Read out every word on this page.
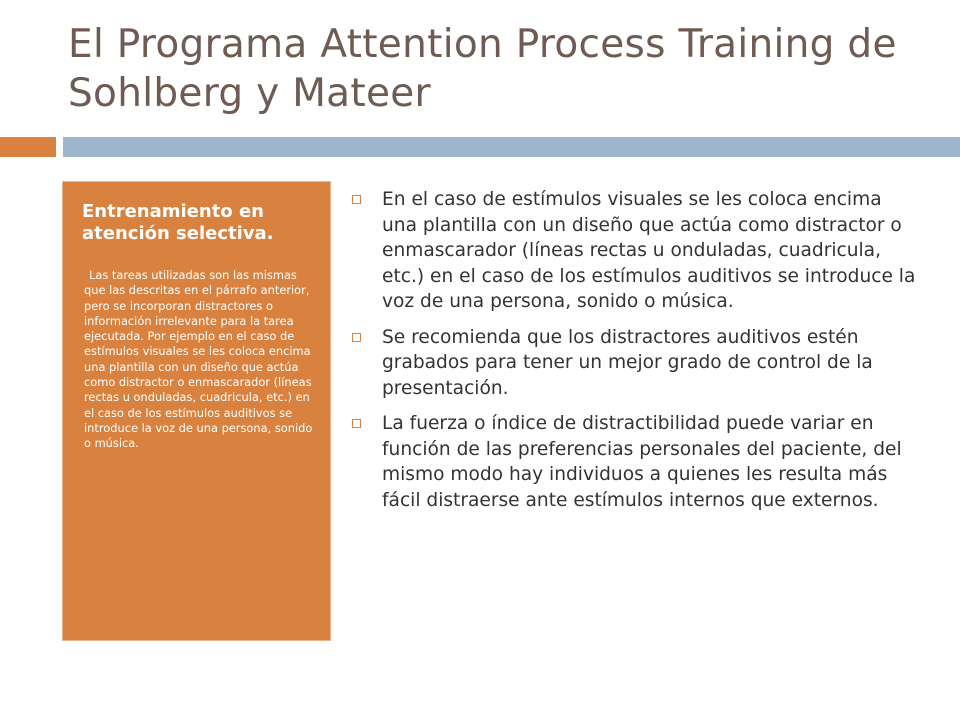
El Programa Attention Process Training de Sohlberg y Mateer
Entrenamiento en atención selectiva.

Las tareas utilizadas son las mismas que las descritas en el párrafo anterior, pero se incorporan distractores o información irrelevante para la tarea ejecutada. Por ejemplo en el caso de estímulos visuales se les coloca encima una plantilla con un diseño que actúa como distractor o enmascarador (líneas rectas u onduladas, cuadricula, etc.) en el caso de los estímulos auditivos se introduce la voz de una persona, sonido o música.

En el caso de estímulos visuales se les coloca encima una plantilla con un diseño que actúa como distractor o enmascarador (líneas rectas u onduladas, cuadricula, etc.) en el caso de los estímulos auditivos se introduce la voz de una persona, sonido o música.
Se recomienda que los distractores auditivos estén grabados para tener un mejor grado de control de la presentación.
La fuerza o índice de distractibilidad puede variar en función de las preferencias personales del paciente, del mismo modo hay individuos a quienes les resulta más fácil distraerse ante estímulos internos que externos.
